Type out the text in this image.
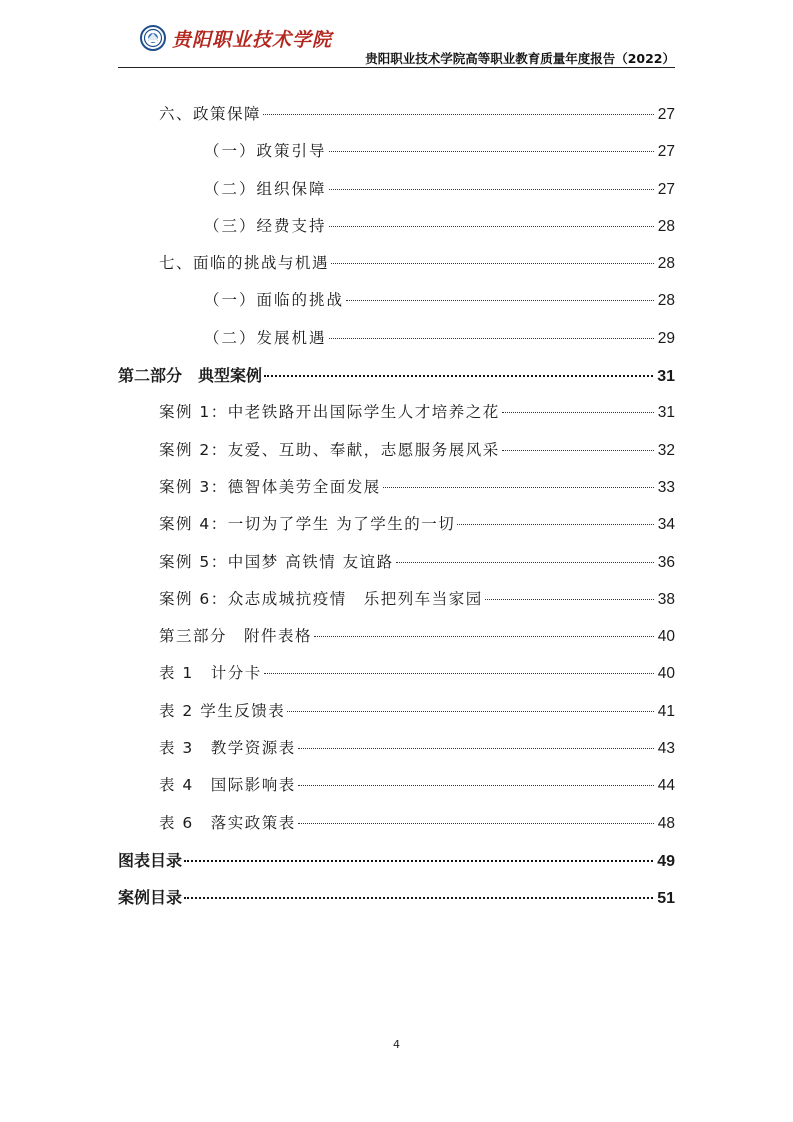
贵阳职业技术学院
贵阳职业技术学院高等职业教育质量年度报告（2022）
六、政策保障	27
（一）政策引导	27
（二）组织保障	27
（三）经费支持	28
七、面临的挑战与机遇	28
（一）面临的挑战	28
（二）发展机遇	29
第二部分　典型案例	31
案例 1：中老铁路开出国际学生人才培养之花	31
案例 2：友爱、互助、奉献，志愿服务展风采	32
案例 3：德智体美劳全面发展	33
案例 4：一切为了学生 为了学生的一切	34
案例 5：中国梦 高铁情 友谊路	36
案例 6：众志成城抗疫情　乐把列车当家园	38
第三部分　附件表格	40
表 1　计分卡	40
表 2 学生反馈表	41
表 3　教学资源表	43
表 4　国际影响表	44
表 6　落实政策表	48
图表目录	49
案例目录	51
4
